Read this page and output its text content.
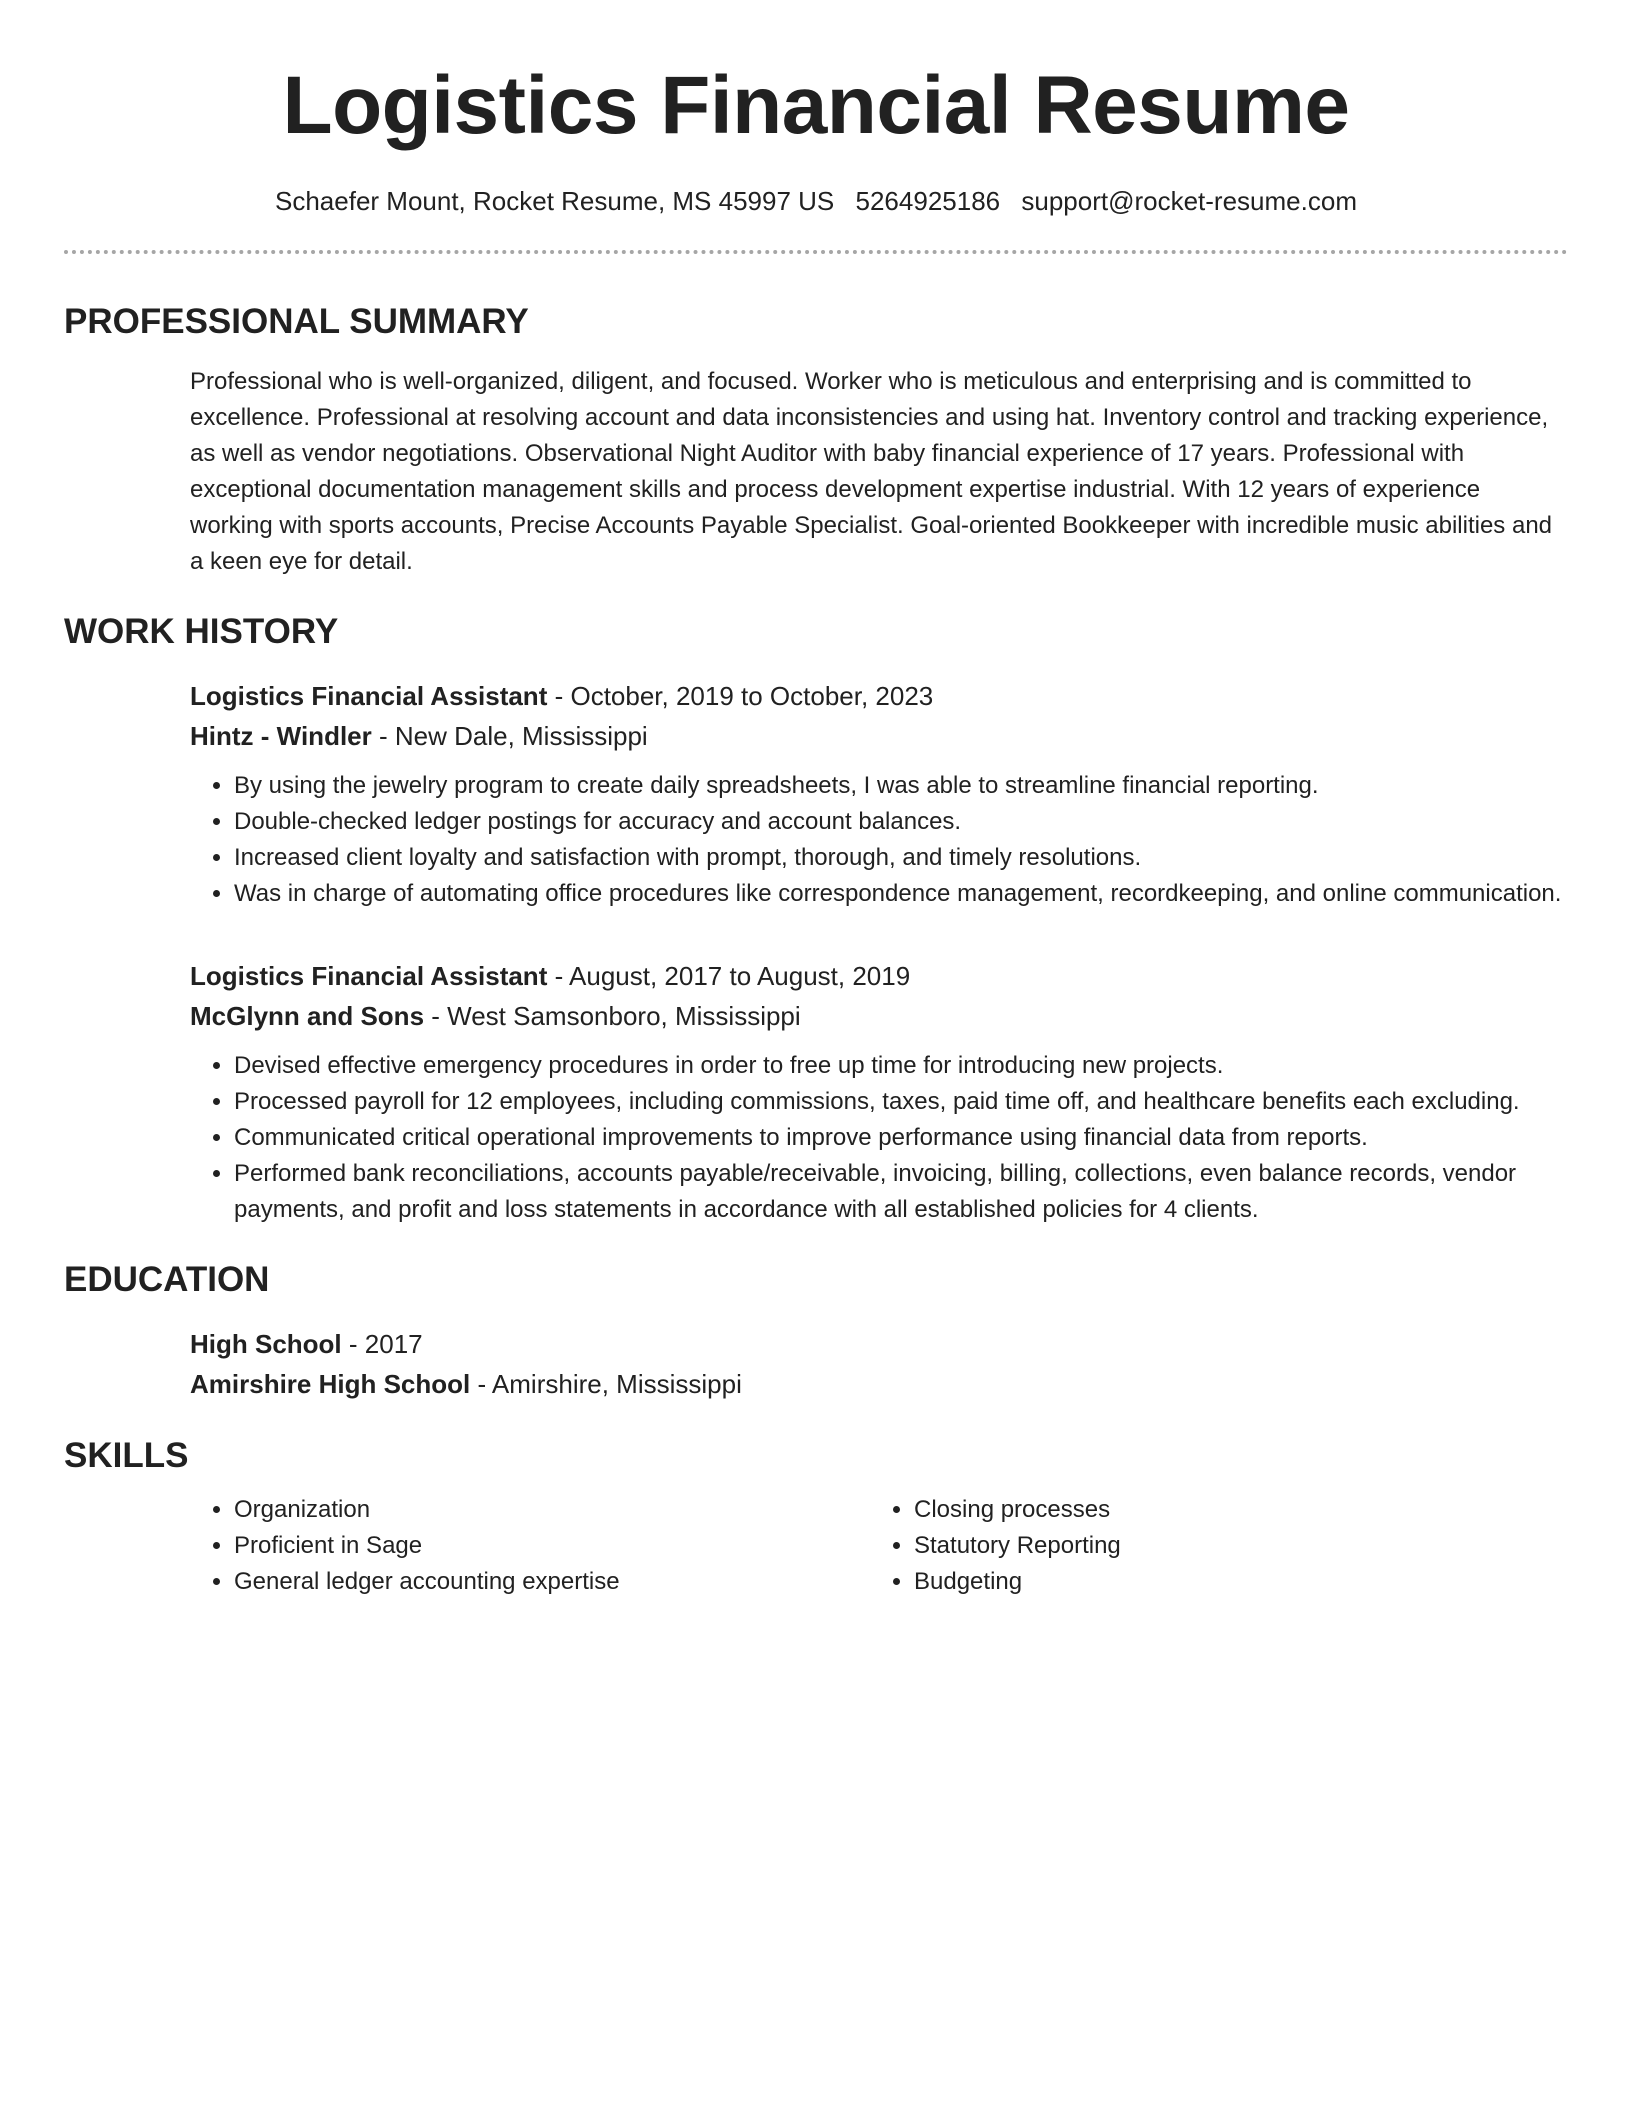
Logistics Financial Resume
Schaefer Mount, Rocket Resume, MS 45997 US 5264925186 support@rocket-resume.com
PROFESSIONAL SUMMARY
Professional who is well-organized, diligent, and focused. Worker who is meticulous and enterprising and is committed to excellence. Professional at resolving account and data inconsistencies and using hat. Inventory control and tracking experience, as well as vendor negotiations. Observational Night Auditor with baby financial experience of 17 years. Professional with exceptional documentation management skills and process development expertise industrial. With 12 years of experience working with sports accounts, Precise Accounts Payable Specialist. Goal-oriented Bookkeeper with incredible music abilities and a keen eye for detail.
WORK HISTORY
Logistics Financial Assistant - October, 2019 to October, 2023
Hintz - Windler - New Dale, Mississippi
• By using the jewelry program to create daily spreadsheets, I was able to streamline financial reporting.
• Double-checked ledger postings for accuracy and account balances.
• Increased client loyalty and satisfaction with prompt, thorough, and timely resolutions.
• Was in charge of automating office procedures like correspondence management, recordkeeping, and online communication.
Logistics Financial Assistant - August, 2017 to August, 2019
McGlynn and Sons - West Samsonboro, Mississippi
• Devised effective emergency procedures in order to free up time for introducing new projects.
• Processed payroll for 12 employees, including commissions, taxes, paid time off, and healthcare benefits each excluding.
• Communicated critical operational improvements to improve performance using financial data from reports.
• Performed bank reconciliations, accounts payable/receivable, invoicing, billing, collections, even balance records, vendor payments, and profit and loss statements in accordance with all established policies for 4 clients.
EDUCATION
High School - 2017
Amirshire High School - Amirshire, Mississippi
SKILLS
• Organization
• Proficient in Sage
• General ledger accounting expertise
• Closing processes
• Statutory Reporting
• Budgeting
